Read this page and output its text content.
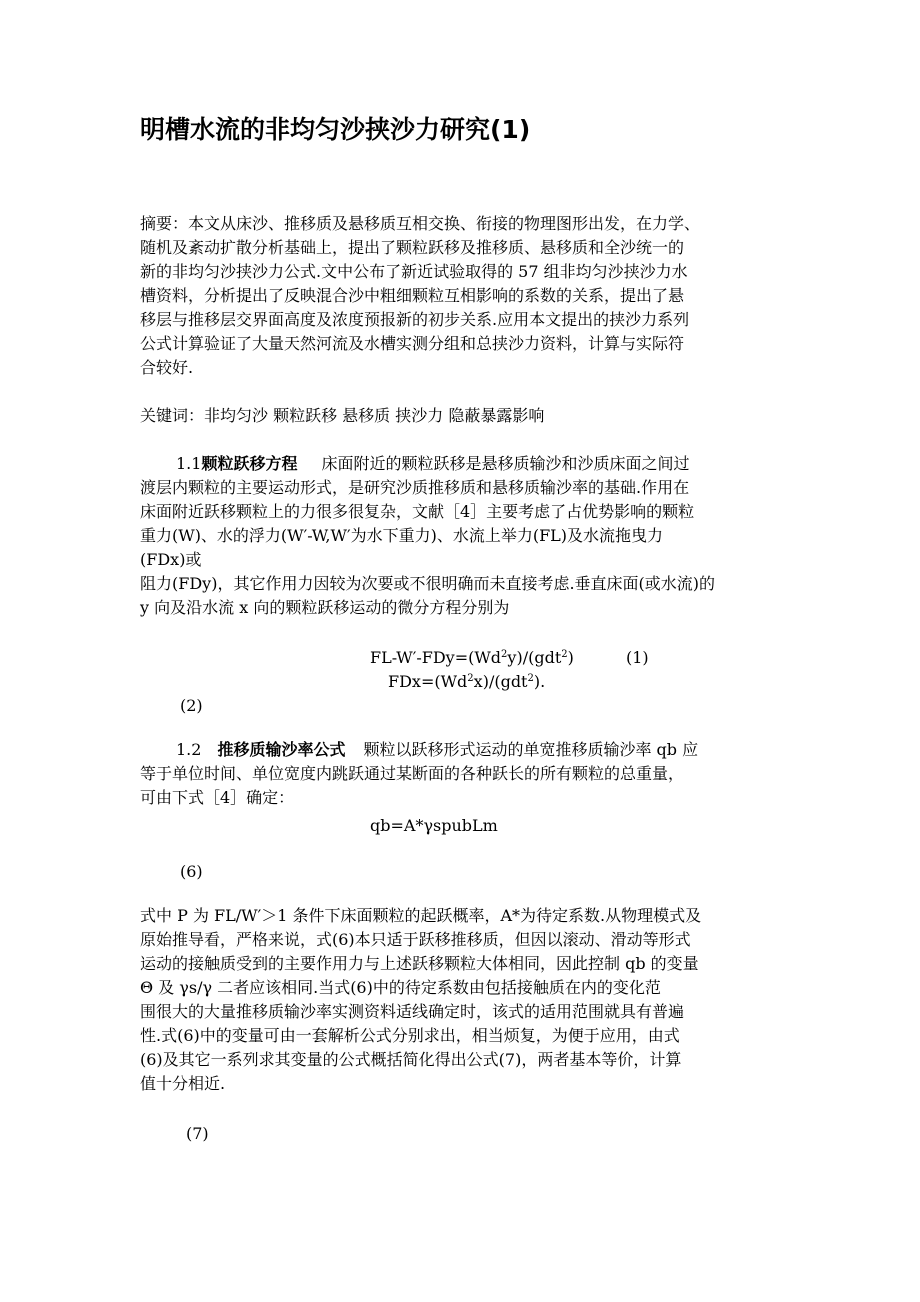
明槽水流的非均匀沙挟沙力研究(1)
摘要：本文从床沙、推移质及悬移质互相交换、衔接的物理图形出发，在力学、
随机及紊动扩散分析基础上，提出了颗粒跃移及推移质、悬移质和全沙统一的
新的非均匀沙挟沙力公式.文中公布了新近试验取得的 57 组非均匀沙挟沙力水
槽资料，分析提出了反映混合沙中粗细颗粒互相影响的系数的关系，提出了悬
移层与推移层交界面高度及浓度预报新的初步关系.应用本文提出的挟沙力系列
公式计算验证了大量天然河流及水槽实测分组和总挟沙力资料，计算与实际符
合较好.

关键词：非均匀沙 颗粒跃移 悬移质 挟沙力 隐蔽暴露影响

1.1颗粒跃移方程 床面附近的颗粒跃移是悬移质输沙和沙质床面之间过
渡层内颗粒的主要运动形式，是研究沙质推移质和悬移质输沙率的基础.作用在
床面附近跃移颗粒上的力很多很复杂，文献［4］主要考虑了占优势影响的颗粒
重力(W)、水的浮力(W′-W,W′为水下重力)、水流上举力(FL)及水流拖曳力
(FDx)或
阻力(FDy)，其它作用力因较为次要或不很明确而未直接考虑.垂直床面(或水流)的
y 向及沿水流 x 向的颗粒跃移运动的微分方程分别为

$FL-W'-FDy=(Wd^2y)/(gdt^2)$	(1)

$FDx=(Wd^2x)/(gdt^2)$.

(2)

1.2 推移质输沙率公式 颗粒以跃移形式运动的单宽推移质输沙率 qb 应
等于单位时间、单位宽度内跳跃通过某断面的各种跃长的所有颗粒的总重量，
可由下式［4］确定：

qb=A*γspubLm

(6)

式中 P 为 FL/W′＞1 条件下床面颗粒的起跃概率，A*为待定系数.从物理模式及
原始推导看，严格来说，式(6)本只适于跃移推移质，但因以滚动、滑动等形式
运动的接触质受到的主要作用力与上述跃移颗粒大体相同，因此控制 qb 的变量
Θ 及 γs/γ 二者应该相同.当式(6)中的待定系数由包括接触质在内的变化范
围很大的大量推移质输沙率实测资料适线确定时，该式的适用范围就具有普遍
性.式(6)中的变量可由一套解析公式分别求出，相当烦复，为便于应用，由式
(6)及其它一系列求其变量的公式概括简化得出公式(7)，两者基本等价，计算
值十分相近.

(7)
